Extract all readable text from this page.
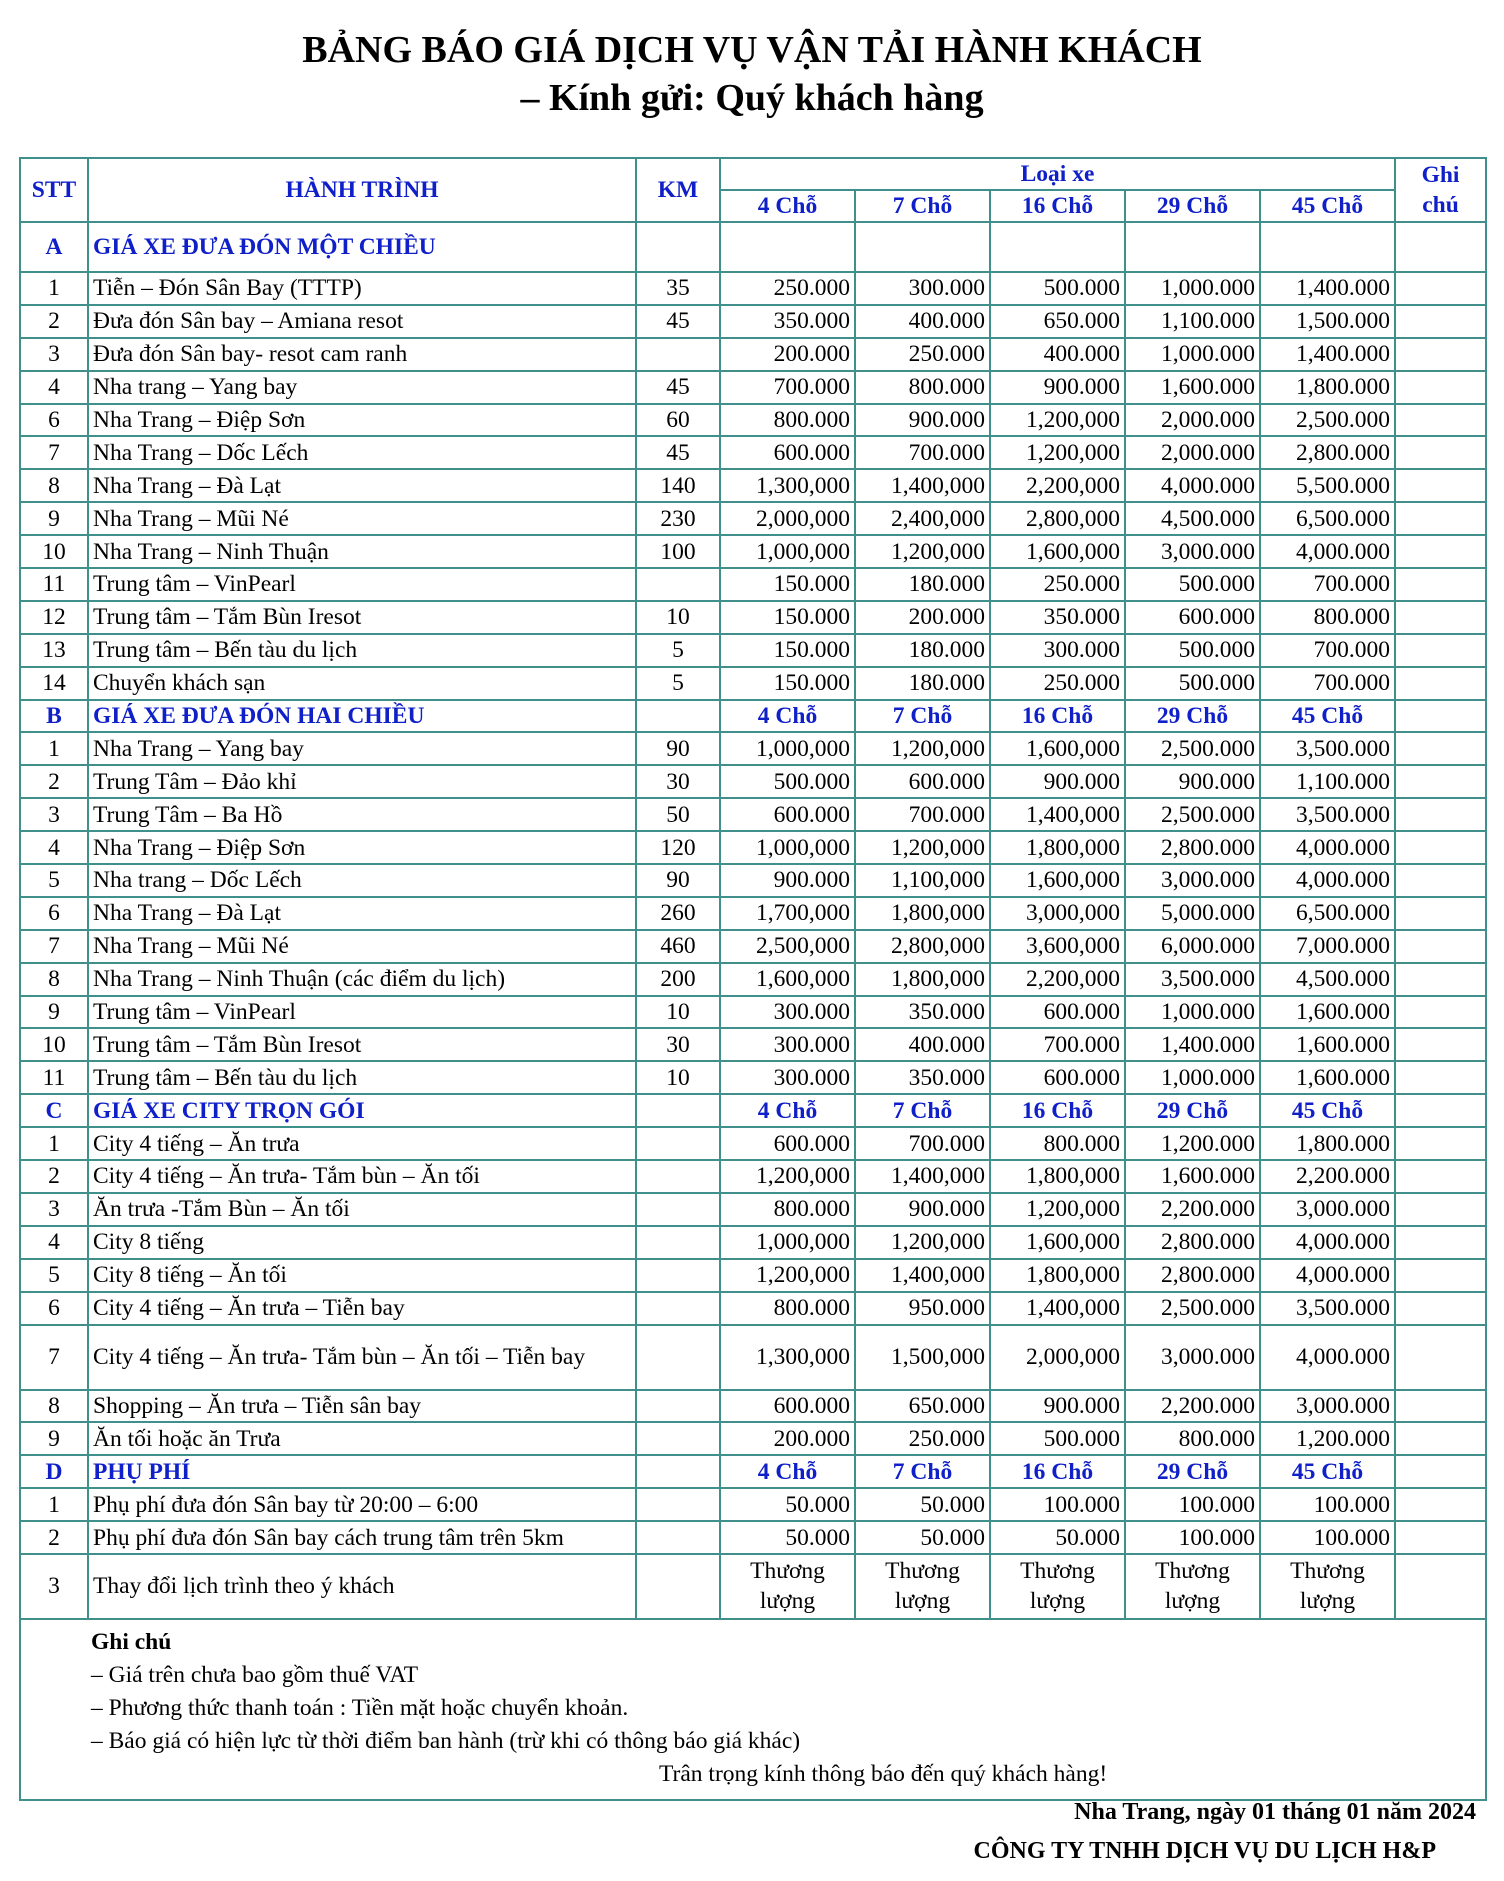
BẢNG BÁO GIÁ DỊCH VỤ VẬN TẢI HÀNH KHÁCH
– Kính gửi: Quý khách hàng
STT	HÀNH TRÌNH	KM	Loại xe					Ghi
chú
			4 Chỗ	7 Chỗ	16 Chỗ	29 Chỗ	45 Chỗ	
A	GIÁ XE ĐƯA ĐÓN MỘT CHIỀU							
1	Tiễn – Đón Sân Bay (TTTP)	35	250.000	300.000	500.000	1,000.000	1,400.000	
2	Đưa đón Sân bay – Amiana resot	45	350.000	400.000	650.000	1,100.000	1,500.000	
3	Đưa đón Sân bay- resot cam ranh		200.000	250.000	400.000	1,000.000	1,400.000	
4	Nha trang – Yang bay	45	700.000	800.000	900.000	1,600.000	1,800.000	
6	Nha Trang – Điệp Sơn	60	800.000	900.000	1,200,000	2,000.000	2,500.000	
7	Nha Trang – Dốc Lếch	45	600.000	700.000	1,200,000	2,000.000	2,800.000	
8	Nha Trang – Đà Lạt	140	1,300,000	1,400,000	2,200,000	4,000.000	5,500.000	
9	Nha Trang – Mũi Né	230	2,000,000	2,400,000	2,800,000	4,500.000	6,500.000	
10	Nha Trang – Ninh Thuận	100	1,000,000	1,200,000	1,600,000	3,000.000	4,000.000	
11	Trung tâm – VinPearl		150.000	180.000	250.000	500.000	700.000	
12	Trung tâm – Tắm Bùn Iresot	10	150.000	200.000	350.000	600.000	800.000	
13	Trung tâm – Bến tàu du lịch	5	150.000	180.000	300.000	500.000	700.000	
14	Chuyển khách sạn	5	150.000	180.000	250.000	500.000	700.000	
B	GIÁ XE ĐƯA ĐÓN HAI CHIỀU		4 Chỗ	7 Chỗ	16 Chỗ	29 Chỗ	45 Chỗ	
1	Nha Trang – Yang bay	90	1,000,000	1,200,000	1,600,000	2,500.000	3,500.000	
2	Trung Tâm – Đảo khỉ	30	500.000	600.000	900.000	900.000	1,100.000	
3	Trung Tâm – Ba Hồ	50	600.000	700.000	1,400,000	2,500.000	3,500.000	
4	Nha Trang – Điệp Sơn	120	1,000,000	1,200,000	1,800,000	2,800.000	4,000.000	
5	Nha trang – Dốc Lếch	90	900.000	1,100,000	1,600,000	3,000.000	4,000.000	
6	Nha Trang – Đà Lạt	260	1,700,000	1,800,000	3,000,000	5,000.000	6,500.000	
7	Nha Trang – Mũi Né	460	2,500,000	2,800,000	3,600,000	6,000.000	7,000.000	
8	Nha Trang – Ninh Thuận (các điểm du lịch)	200	1,600,000	1,800,000	2,200,000	3,500.000	4,500.000	
9	Trung tâm – VinPearl	10	300.000	350.000	600.000	1,000.000	1,600.000	
10	Trung tâm – Tắm Bùn Iresot	30	300.000	400.000	700.000	1,400.000	1,600.000	
11	Trung tâm – Bến tàu du lịch	10	300.000	350.000	600.000	1,000.000	1,600.000	
C	GIÁ XE CITY TRỌN GÓI		4 Chỗ	7 Chỗ	16 Chỗ	29 Chỗ	45 Chỗ	
1	City 4 tiếng – Ăn trưa		600.000	700.000	800.000	1,200.000	1,800.000	
2	City 4 tiếng – Ăn trưa- Tắm bùn – Ăn tối		1,200,000	1,400,000	1,800,000	1,600.000	2,200.000	
3	Ăn trưa -Tắm Bùn – Ăn tối		800.000	900.000	1,200,000	2,200.000	3,000.000	
4	City 8 tiếng		1,000,000	1,200,000	1,600,000	2,800.000	4,000.000	
5	City 8 tiếng – Ăn tối		1,200,000	1,400,000	1,800,000	2,800.000	4,000.000	
6	City 4 tiếng – Ăn trưa – Tiễn bay		800.000	950.000	1,400,000	2,500.000	3,500.000	
7	City 4 tiếng – Ăn trưa- Tắm bùn – Ăn tối – Tiễn bay		1,300,000	1,500,000	2,000,000	3,000.000	4,000.000	
8	Shopping – Ăn trưa – Tiễn sân bay		600.000	650.000	900.000	2,200.000	3,000.000	
9	Ăn tối hoặc ăn Trưa		200.000	250.000	500.000	800.000	1,200.000	
D	PHỤ PHÍ		4 Chỗ	7 Chỗ	16 Chỗ	29 Chỗ	45 Chỗ	
1	Phụ phí đưa đón Sân bay từ 20:00 – 6:00		50.000	50.000	100.000	100.000	100.000	
2	Phụ phí đưa đón Sân bay cách trung tâm trên 5km		50.000	50.000	50.000	100.000	100.000	
3	Thay đổi lịch trình theo ý khách		Thương lượng	Thương lượng	Thương lượng	Thương lượng	Thương lượng	

Ghi chú
– Giá trên chưa bao gồm thuế VAT
– Phương thức thanh toán : Tiền mặt hoặc chuyển khoản.
– Báo giá có hiện lực từ thời điểm ban hành (trừ khi có thông báo giá khác)
Trân trọng kính thông báo đến quý khách hàng!								
Nha Trang, ngày 01 tháng 01 năm 2024
CÔNG TY TNHH DỊCH VỤ DU LỊCH H&P
